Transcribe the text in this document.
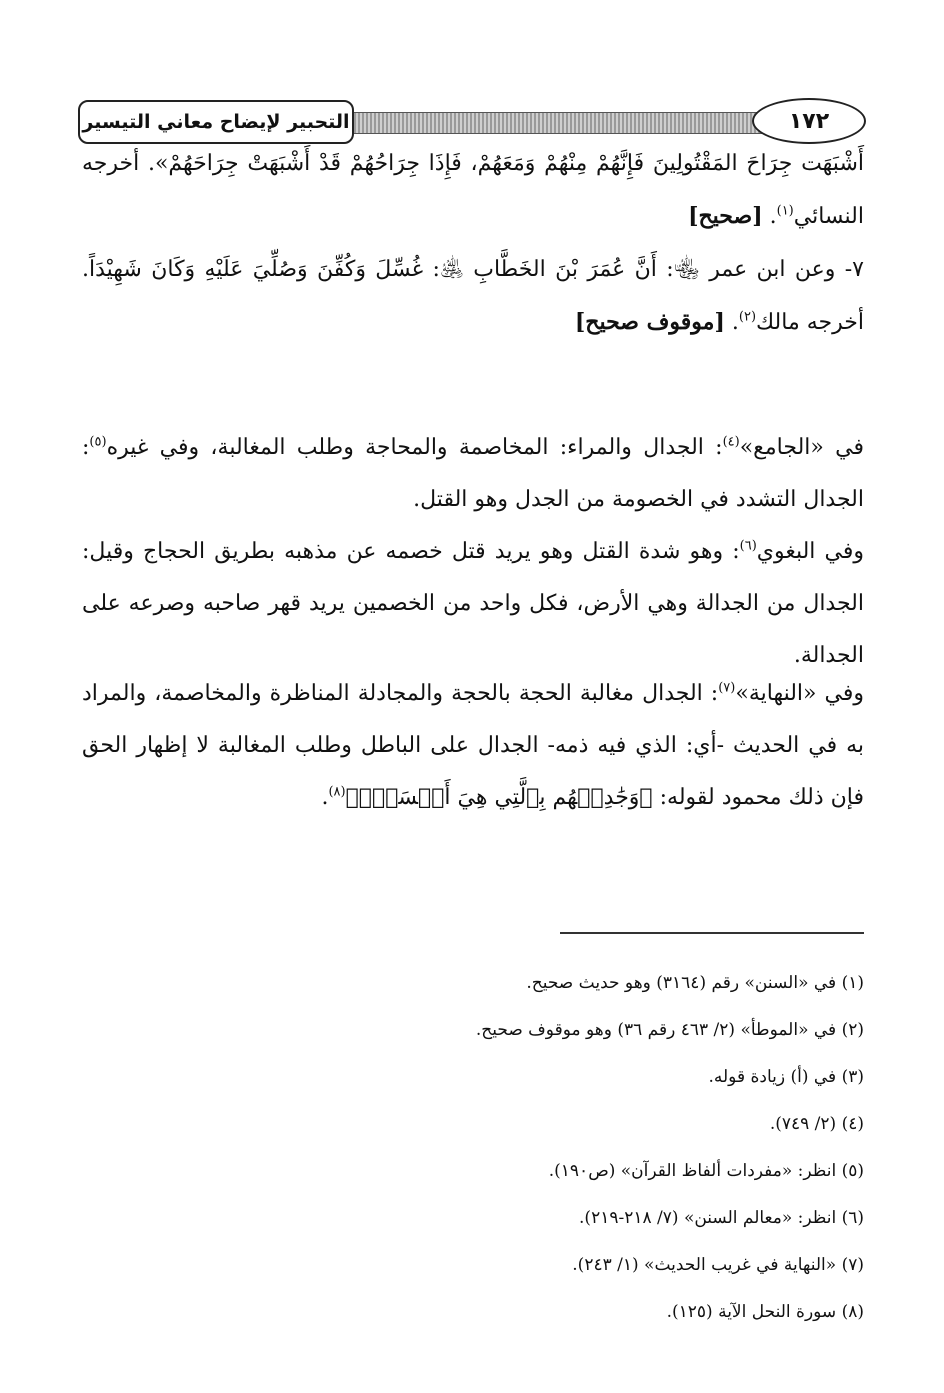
التحبير لإيضاح معاني التيسير	١٧٢
أَشْبَهَت جِرَاحَ المَقْتُولِينَ فَإِنَّهُمْ مِنْهُمْ وَمَعَهُمْ، فَإِذَا جِرَاحُهُمْ قَدْ أَشْبَهَتْ جِرَاحَهُمْ». أخرجه النسائي$^{(١)}$. [صحيح]
٧- وعن ابن عمر ﵄: أَنَّ عُمَرَ بْنَ الخَطَّابِ ﵁: غُسِّلَ وَكُفِّنَ وَصُلِّيَ عَلَيْهِ وَكَانَ شَهِيْدَاً. أخرجه مالك$^{(٢)}$. [موقوف صحيح]
في «الجامع»$^{(٤)}$: الجدال والمراء: المخاصمة والمحاجة وطلب المغالبة، وفي غيره$^{(٥)}$: الجدال التشدد في الخصومة من الجدل وهو القتل.
وفي البغوي$^{(٦)}$: وهو شدة القتل وهو يريد قتل خصمه عن مذهبه بطريق الحجاج وقيل: الجدال من الجدالة وهي الأرض، فكل واحد من الخصمين يريد قهر صاحبه وصرعه على الجدالة.
وفي «النهاية»$^{(٧)}$: الجدال مغالبة الحجة بالحجة والمجادلة المناظرة والمخاصمة، والمراد به في الحديث -أي: الذي فيه ذمه- الجدال على الباطل وطلب المغالبة لا إظهار الحق فإن ذلك محمود لقوله: ﴿وَجَٰدِلۡهُم بِٱلَّتِي هِيَ أَحۡسَنُۚ﴾$^{(٨)}$.
(١) في «السنن» رقم (٣١٦٤) وهو حديث صحيح.
(٢) في «الموطأ» (٢/ ٤٦٣ رقم ٣٦) وهو موقوف صحيح.
(٣) في (أ) زيادة قوله.
(٤) (٢/ ٧٤٩).
(٥) انظر: «مفردات ألفاظ القرآن» (ص١٩٠).
(٦) انظر: «معالم السنن» (٧/ ٢١٨-٢١٩).
(٧) «النهاية في غريب الحديث» (١/ ٢٤٣).
(٨) سورة النحل الآية (١٢٥).
